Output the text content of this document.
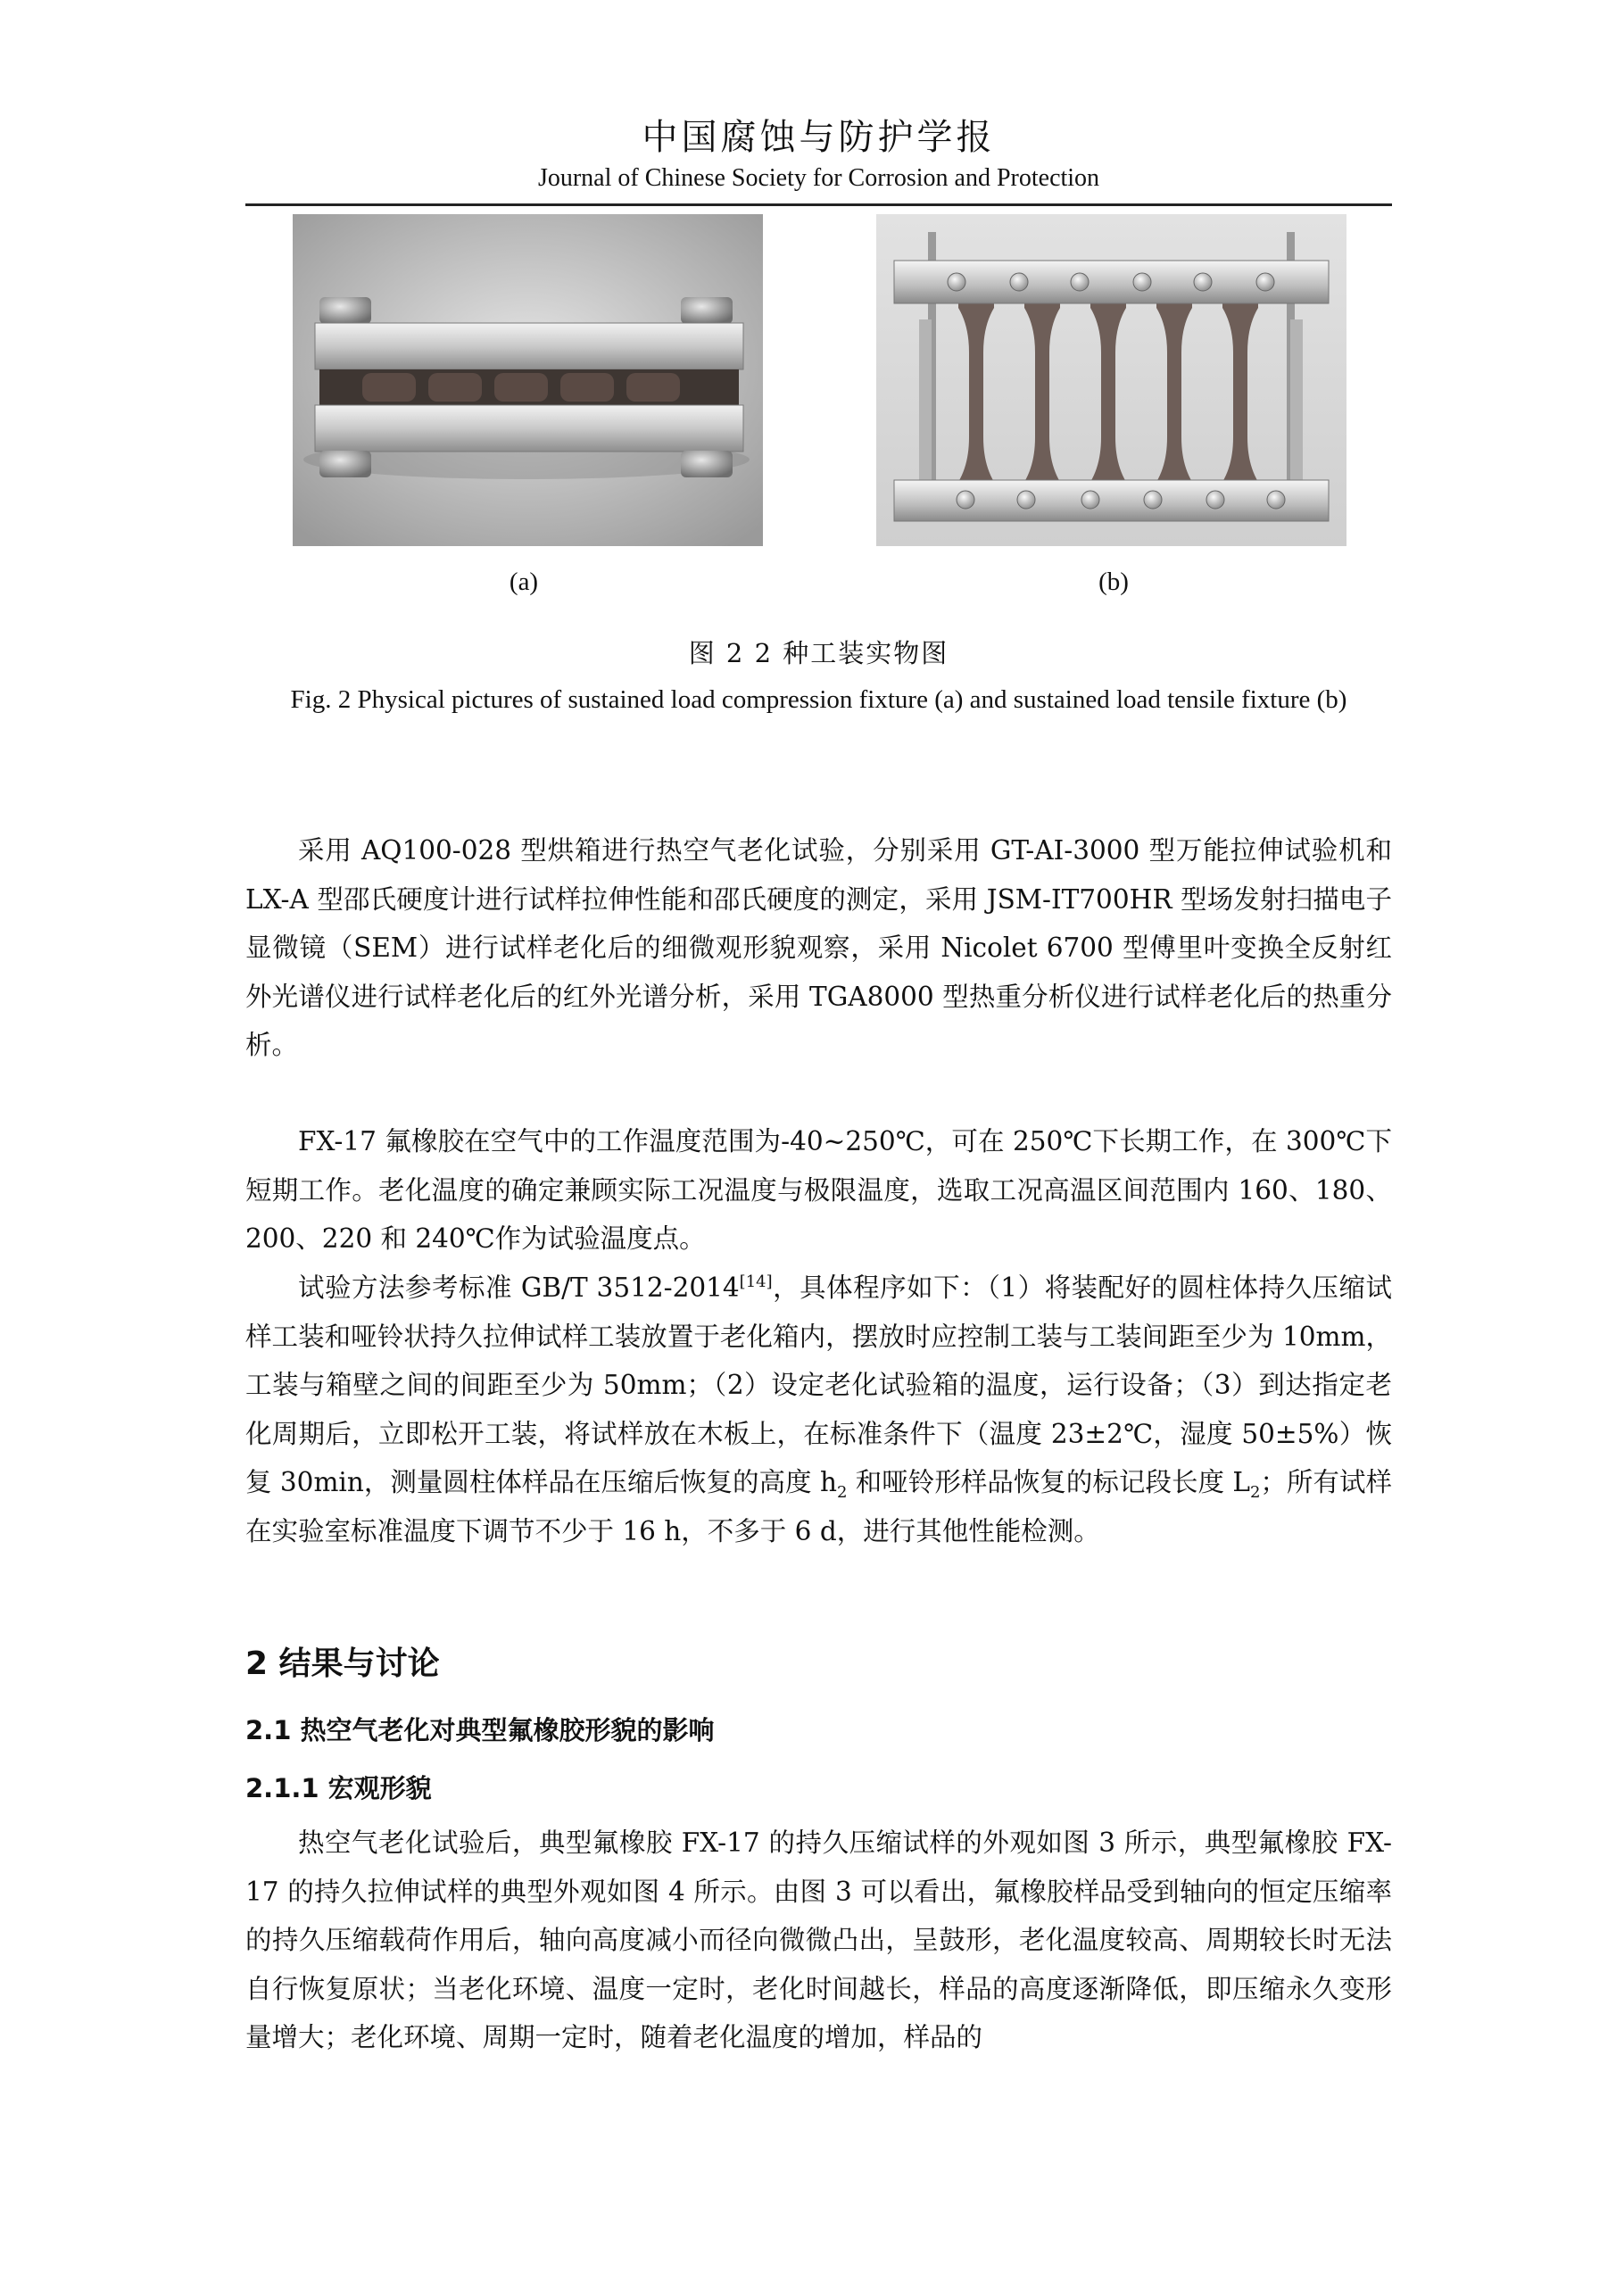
中国腐蚀与防护学报
Journal of Chinese Society for Corrosion and Protection
(a)	(b)
图 2 2 种工装实物图
Fig. 2 Physical pictures of sustained load compression fixture (a) and sustained load tensile fixture (b)

采用 AQ100-028 型烘箱进行热空气老化试验，分别采用 GT-AI-3000 型万能拉伸试验机和 LX-A 型邵氏硬度计进行试样拉伸性能和邵氏硬度的测定，采用 JSM-IT700HR 型场发射扫描电子显微镜（SEM）进行试样老化后的细微观形貌观察，采用 Nicolet 6700 型傅里叶变换全反射红外光谱仪进行试样老化后的红外光谱分析，采用 TGA8000 型热重分析仪进行试样老化后的热重分析。

FX-17 氟橡胶在空气中的工作温度范围为-40~250℃，可在 250℃下长期工作，在 300℃下短期工作。老化温度的确定兼顾实际工况温度与极限温度，选取工况高温区间范围内 160、180、200、220 和 240℃作为试验温度点。

试验方法参考标准 GB/T 3512-2014[14]，具体程序如下：（1）将装配好的圆柱体持久压缩试样工装和哑铃状持久拉伸试样工装放置于老化箱内，摆放时应控制工装与工装间距至少为 10mm，工装与箱壁之间的间距至少为 50mm；（2）设定老化试验箱的温度，运行设备；（3）到达指定老化周期后，立即松开工装，将试样放在木板上，在标准条件下（温度 23±2℃，湿度 50±5%）恢复 30min，测量圆柱体样品在压缩后恢复的高度 $h_2$ 和哑铃形样品恢复的标记段长度 $L_2$；所有试样在实验室标准温度下调节不少于 16 h，不多于 6 d，进行其他性能检测。

2 结果与讨论
2.1 热空气老化对典型氟橡胶形貌的影响
2.1.1 宏观形貌

热空气老化试验后，典型氟橡胶 FX-17 的持久压缩试样的外观如图 3 所示，典型氟橡胶 FX-17 的持久拉伸试样的典型外观如图 4 所示。由图 3 可以看出，氟橡胶样品受到轴向的恒定压缩率的持久压缩载荷作用后，轴向高度减小而径向微微凸出，呈鼓形，老化温度较高、周期较长时无法自行恢复原状；当老化环境、温度一定时，老化时间越长，样品的高度逐渐降低，即压缩永久变形量增大；老化环境、周期一定时，随着老化温度的增加，样品的
